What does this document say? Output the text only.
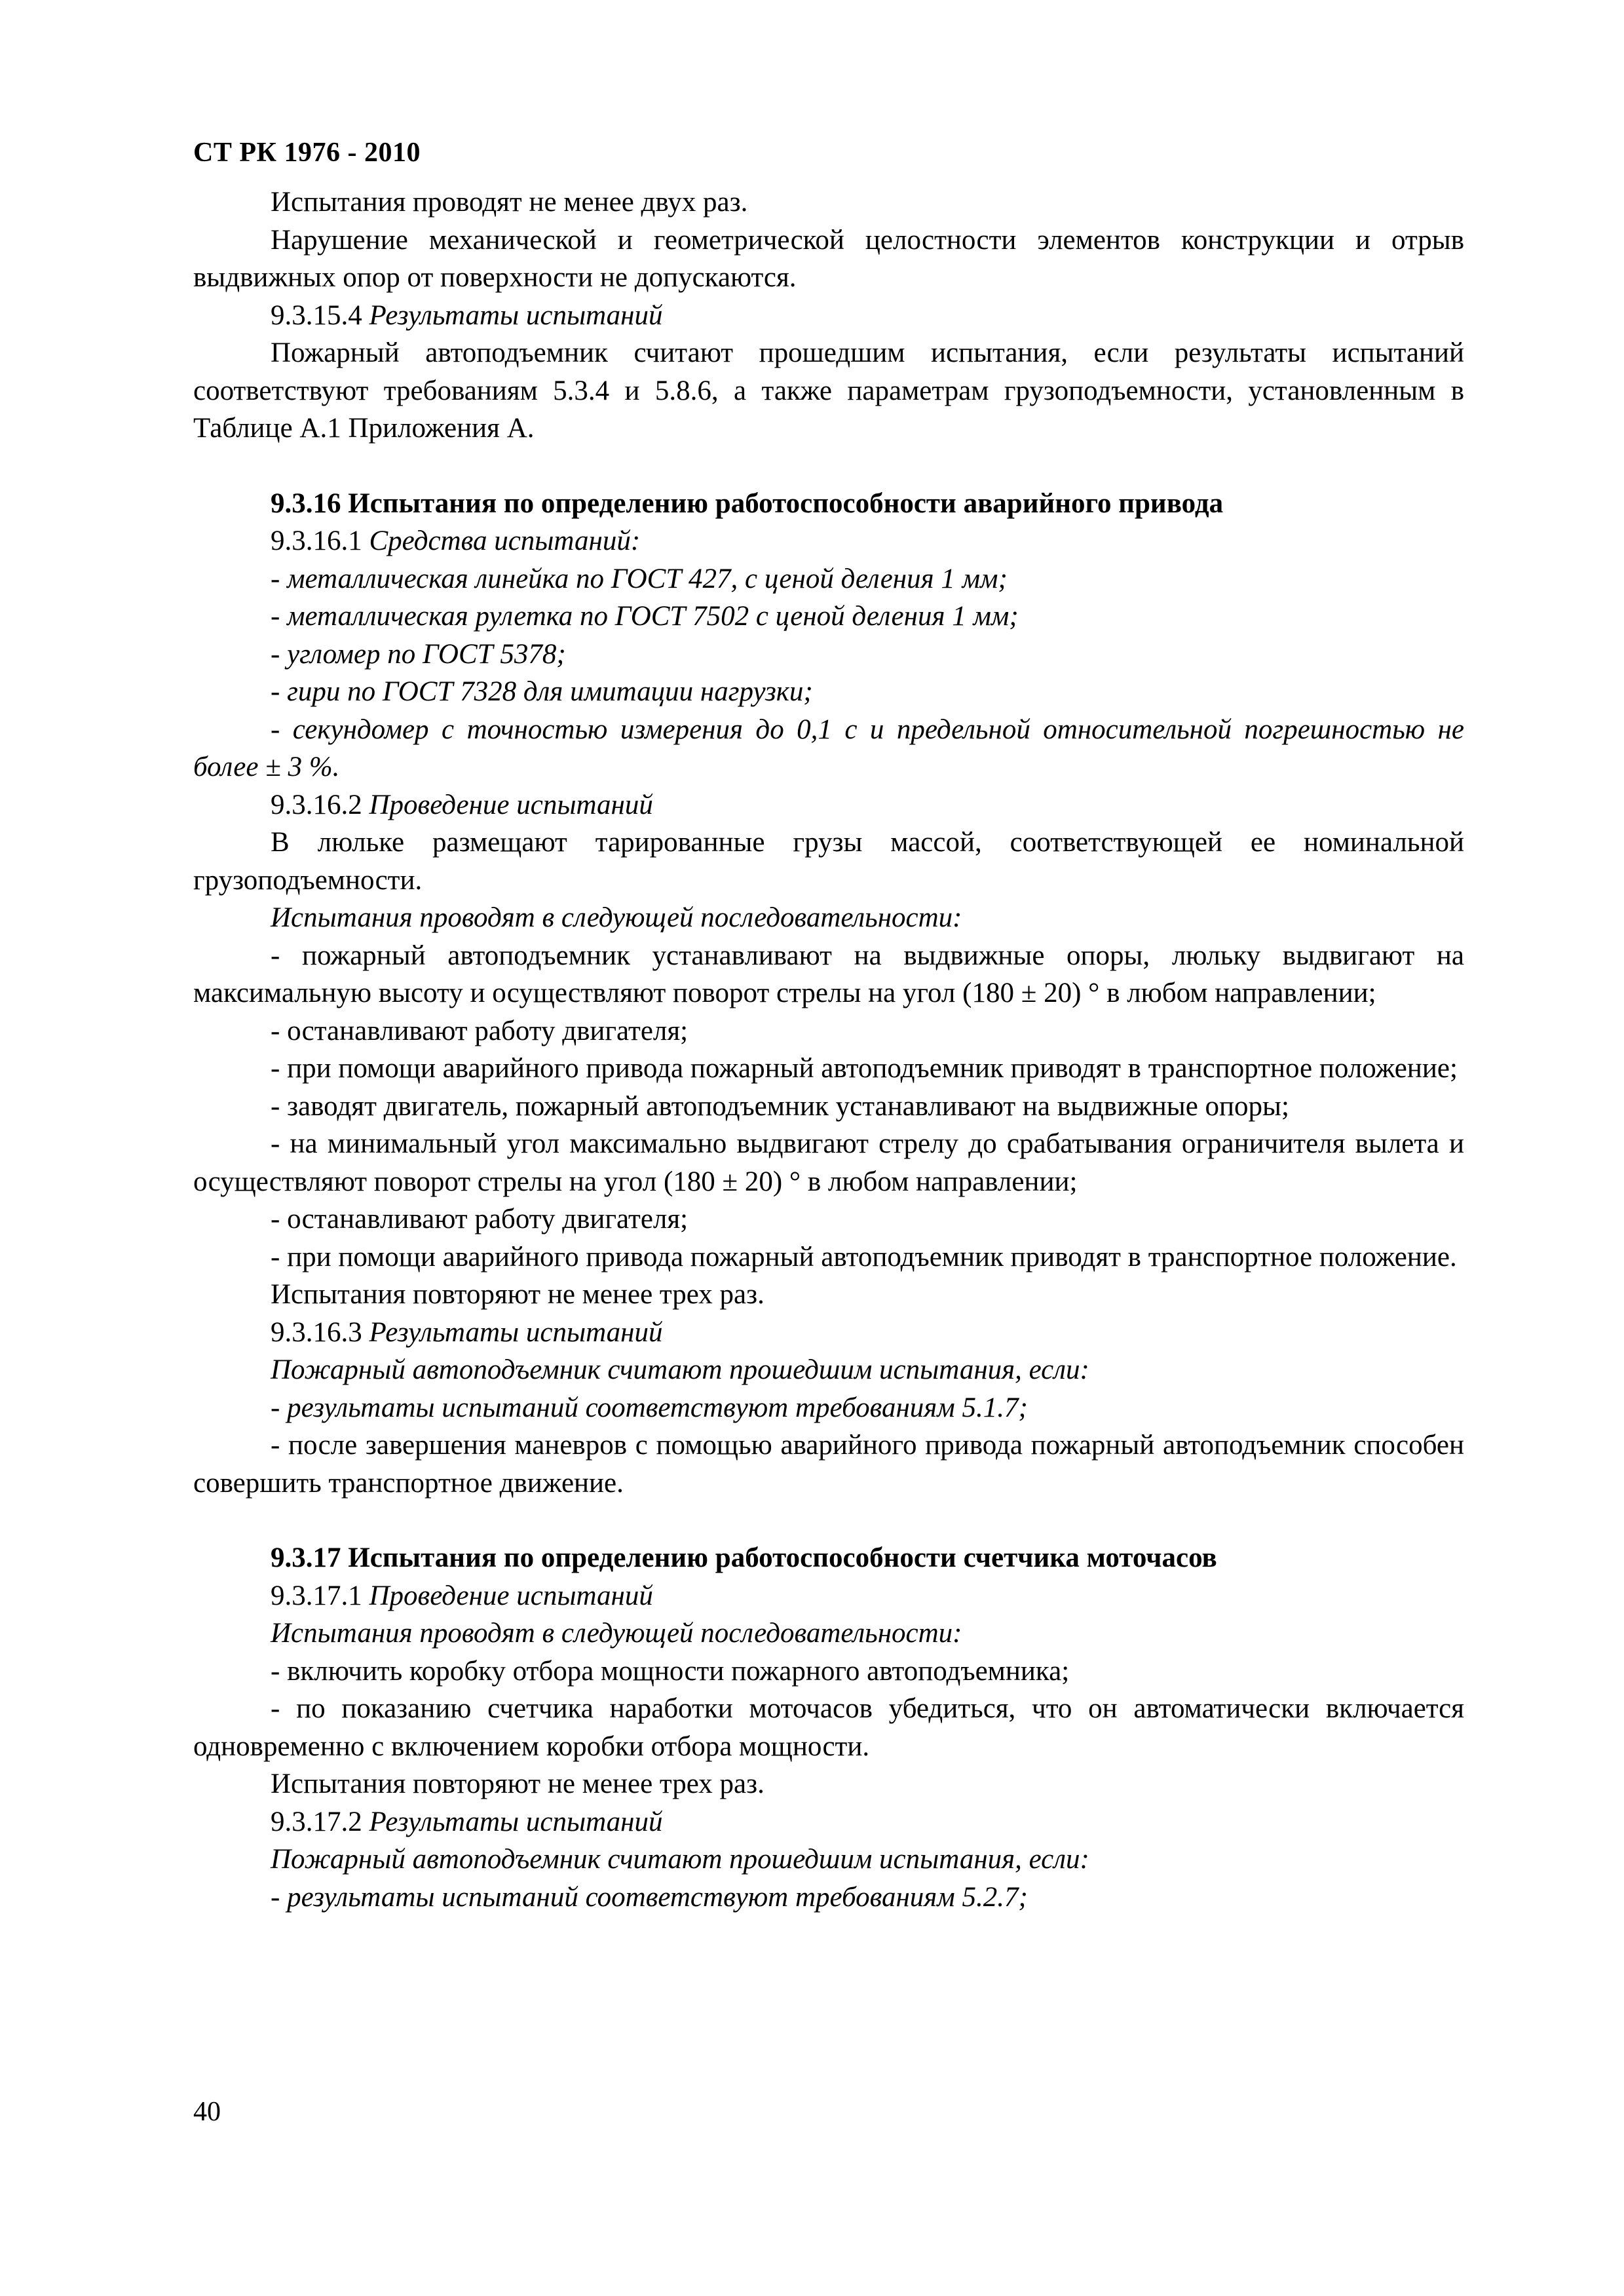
СТ РК 1976 - 2010

Испытания проводят не менее двух раз.

Нарушение механической и геометрической целостности элементов конструкции и отрыв выдвижных опор от поверхности не допускаются.

9.3.15.4 Результаты испытаний

Пожарный автоподъемник считают прошедшим испытания, если результаты испытаний соответствуют требованиям 5.3.4 и 5.8.6, а также параметрам грузоподъемности, установленным в Таблице А.1 Приложения А.

9.3.16 Испытания по определению работоспособности аварийного привода

9.3.16.1 Средства испытаний:

- металлическая линейка по ГОСТ 427, с ценой деления 1 мм;

- металлическая рулетка по ГОСТ 7502 с ценой деления 1 мм;

- угломер по ГОСТ 5378;

- гири по ГОСТ 7328 для имитации нагрузки;

- секундомер с точностью измерения до 0,1 с и предельной относительной погрешностью не более ± 3 %.

9.3.16.2 Проведение испытаний

В люльке размещают тарированные грузы массой, соответствующей ее номинальной грузоподъемности.

Испытания проводят в следующей последовательности:

- пожарный автоподъемник устанавливают на выдвижные опоры, люльку выдвигают на максимальную высоту и осуществляют поворот стрелы на угол (180 ± 20) ° в любом направлении;

- останавливают работу двигателя;

- при помощи аварийного привода пожарный автоподъемник приводят в транспортное положение;

- заводят двигатель, пожарный автоподъемник устанавливают на выдвижные опоры;

- на минимальный угол максимально выдвигают стрелу до срабатывания ограничителя вылета и осуществляют поворот стрелы на угол (180 ± 20) ° в любом направлении;

- останавливают работу двигателя;

- при помощи аварийного привода пожарный автоподъемник приводят в транспортное положение.

Испытания повторяют не менее трех раз.

9.3.16.3 Результаты испытаний

Пожарный автоподъемник считают прошедшим испытания, если:

- результаты испытаний соответствуют требованиям 5.1.7;

- после завершения маневров с помощью аварийного привода пожарный автоподъемник способен совершить транспортное движение.

9.3.17 Испытания по определению работоспособности счетчика моточасов

9.3.17.1 Проведение испытаний

Испытания проводят в следующей последовательности:

- включить коробку отбора мощности пожарного автоподъемника;

- по показанию счетчика наработки моточасов убедиться, что он автоматически включается одновременно с включением коробки отбора мощности.

Испытания повторяют не менее трех раз.

9.3.17.2 Результаты испытаний

Пожарный автоподъемник считают прошедшим испытания, если:

- результаты испытаний соответствуют требованиям 5.2.7;

40
